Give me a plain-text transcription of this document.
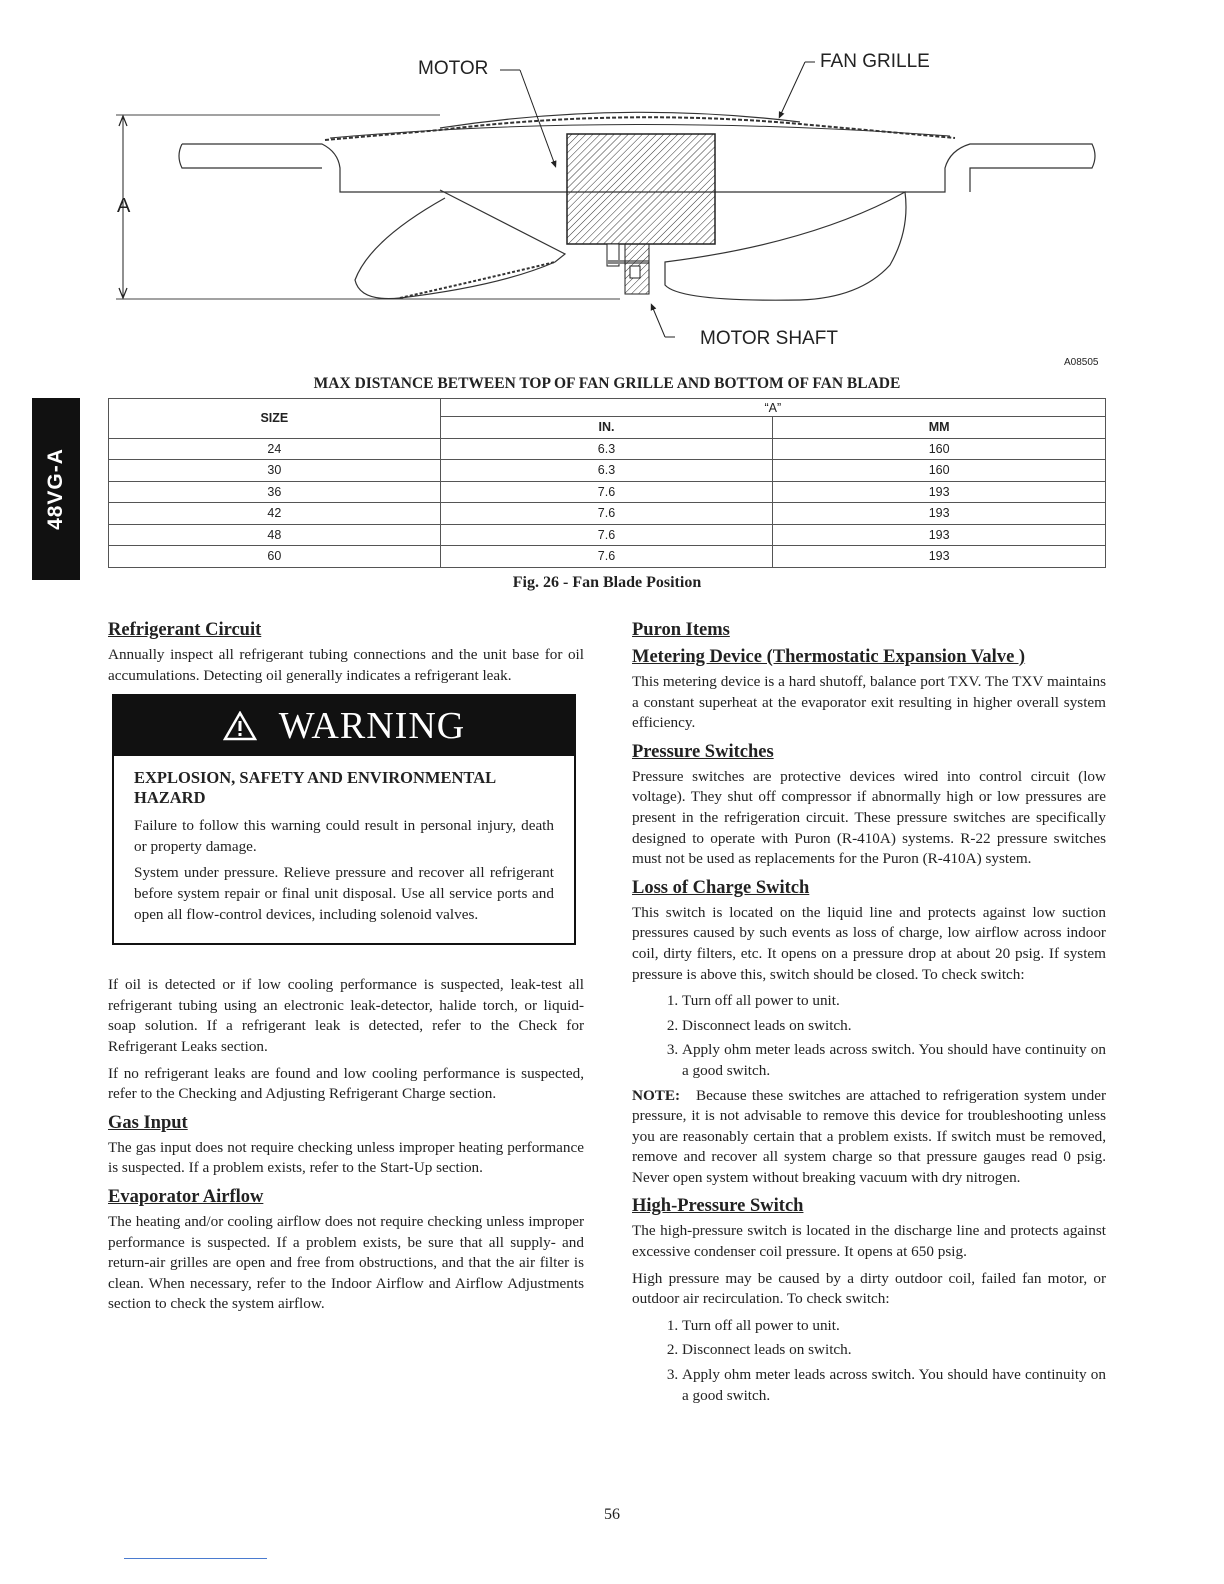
48VG-A
MOTOR	FAN GRILLE
A
MOTOR SHAFT
A08505
MAX DISTANCE BETWEEN TOP OF FAN GRILLE AND BOTTOM OF FAN BLADE
SIZE	“A”	
	IN.	MM
24	6.3	160
30	6.3	160
36	7.6	193
42	7.6	193
48	7.6	193
60	7.6	193
Fig. 26 - Fan Blade Position
Refrigerant Circuit

Annually inspect all refrigerant tubing connections and the unit base for oil accumulations. Detecting oil generally indicates a refrigerant leak.

WARNING
EXPLOSION, SAFETY AND ENVIRONMENTAL HAZARD

Failure to follow this warning could result in personal injury, death or property damage.

System under pressure. Relieve pressure and recover all refrigerant before system repair or final unit disposal. Use all service ports and open all flow-control devices, including solenoid valves.

If oil is detected or if low cooling performance is suspected, leak-test all refrigerant tubing using an electronic leak-detector, halide torch, or liquid-soap solution. If a refrigerant leak is detected, refer to the Check for Refrigerant Leaks section.

If no refrigerant leaks are found and low cooling performance is suspected, refer to the Checking and Adjusting Refrigerant Charge section.

Gas Input

The gas input does not require checking unless improper heating performance is suspected. If a problem exists, refer to the Start-Up section.

Evaporator Airflow

The heating and/or cooling airflow does not require checking unless improper performance is suspected. If a problem exists, be sure that all supply- and return-air grilles are open and free from obstructions, and that the air filter is clean. When necessary, refer to the Indoor Airflow and Airflow Adjustments section to check the system airflow.

Puron Items
Metering Device (Thermostatic Expansion Valve )

This metering device is a hard shutoff, balance port TXV. The TXV maintains a constant superheat at the evaporator exit resulting in higher overall system efficiency.

Pressure Switches

Pressure switches are protective devices wired into control circuit (low voltage). They shut off compressor if abnormally high or low pressures are present in the refrigeration circuit. These pressure switches are specifically designed to operate with Puron (R-410A) systems. R-22 pressure switches must not be used as replacements for the Puron (R-410A) system.

Loss of Charge Switch

This switch is located on the liquid line and protects against low suction pressures caused by such events as loss of charge, low airflow across indoor coil, dirty filters, etc. It opens on a pressure drop at about 20 psig. If system pressure is above this, switch should be closed. To check switch:

1. Turn off all power to unit.
2. Disconnect leads on switch.
3. Apply ohm meter leads across switch. You should have continuity on a good switch.

NOTE: Because these switches are attached to refrigeration system under pressure, it is not advisable to remove this device for troubleshooting unless you are reasonably certain that a problem exists. If switch must be removed, remove and recover all system charge so that pressure gauges read 0 psig. Never open system without breaking vacuum with dry nitrogen.

High-Pressure Switch

The high-pressure switch is located in the discharge line and protects against excessive condenser coil pressure. It opens at 650 psig.

High pressure may be caused by a dirty outdoor coil, failed fan motor, or outdoor air recirculation. To check switch:

1. Turn off all power to unit.
2. Disconnect leads on switch.
3. Apply ohm meter leads across switch. You should have continuity on a good switch.
56
